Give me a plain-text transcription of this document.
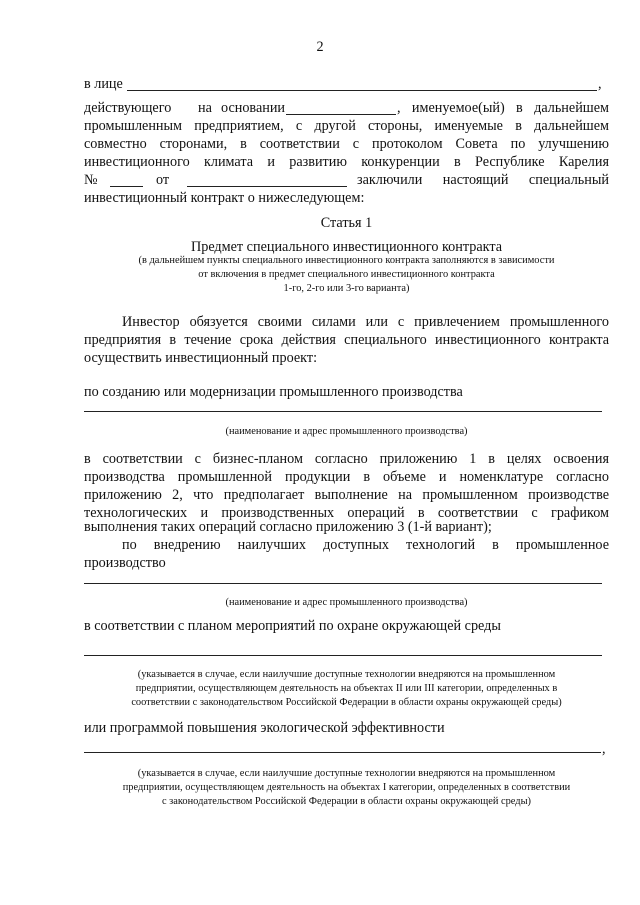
2
в лице	,
действующего на основании	, именуемое(ый) в дальнейшем
промышленным предприятием, с другой стороны, именуемые в дальнейшем
совместно сторонами, в соответствии с протоколом Совета по улучшению
инвестиционного климата и развитию конкуренции в Республике Карелия
№	от	заключили настоящий специальный
инвестиционный контракт о нижеследующем:
Статья 1
Предмет специального инвестиционного контракта
(в дальнейшем пункты специального инвестиционного контракта заполняются в зависимости
от включения в предмет специального инвестиционного контракта
1-го, 2-го или 3-го варианта)
Инвестор обязуется своими силами или с привлечением промышленного
предприятия в течение срока действия специального инвестиционного контракта
осуществить инвестиционный проект:
по созданию или модернизации промышленного производства
(наименование и адрес промышленного производства)
в соответствии с бизнес-планом согласно приложению 1 в целях освоения
производства промышленной продукции в объеме и номенклатуре согласно
приложению 2, что предполагает выполнение на промышленном производстве
технологических и производственных операций в соответствии с графиком
выполнения таких операций согласно приложению 3 (1-й вариант);
по внедрению наилучших доступных технологий в промышленное
производство
(наименование и адрес промышленного производства)
в соответствии с планом мероприятий по охране окружающей среды
(указывается в случае, если наилучшие доступные технологии внедряются на промышленном
предприятии, осуществляющем деятельность на объектах II или III категории, определенных в
соответствии с законодательством Российской Федерации в области охраны окружающей среды)
или программой повышения экологической эффективности
,
(указывается в случае, если наилучшие доступные технологии внедряются на промышленном
предприятии, осуществляющем деятельность на объектах I категории, определенных в соответствии
с законодательством Российской Федерации в области охраны окружающей среды)
